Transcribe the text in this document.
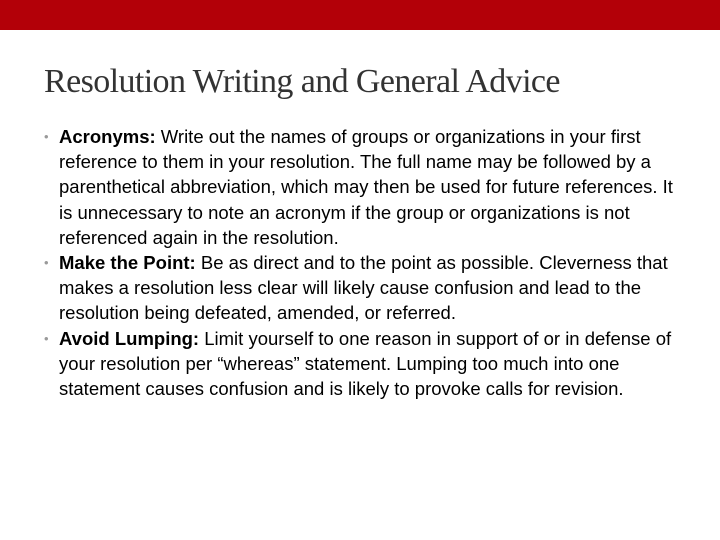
Resolution Writing and General Advice
• Acronyms: Write out the names of groups or organizations in your first reference to them in your resolution. The full name may be followed by a parenthetical abbreviation, which may then be used for future references. It is unnecessary to note an acronym if the group or organizations is not referenced again in the resolution.
• Make the Point: Be as direct and to the point as possible. Cleverness that makes a resolution less clear will likely cause confusion and lead to the resolution being defeated, amended, or referred.
• Avoid Lumping: Limit yourself to one reason in support of or in defense of your resolution per “whereas” statement. Lumping too much into one statement causes confusion and is likely to provoke calls for revision.
